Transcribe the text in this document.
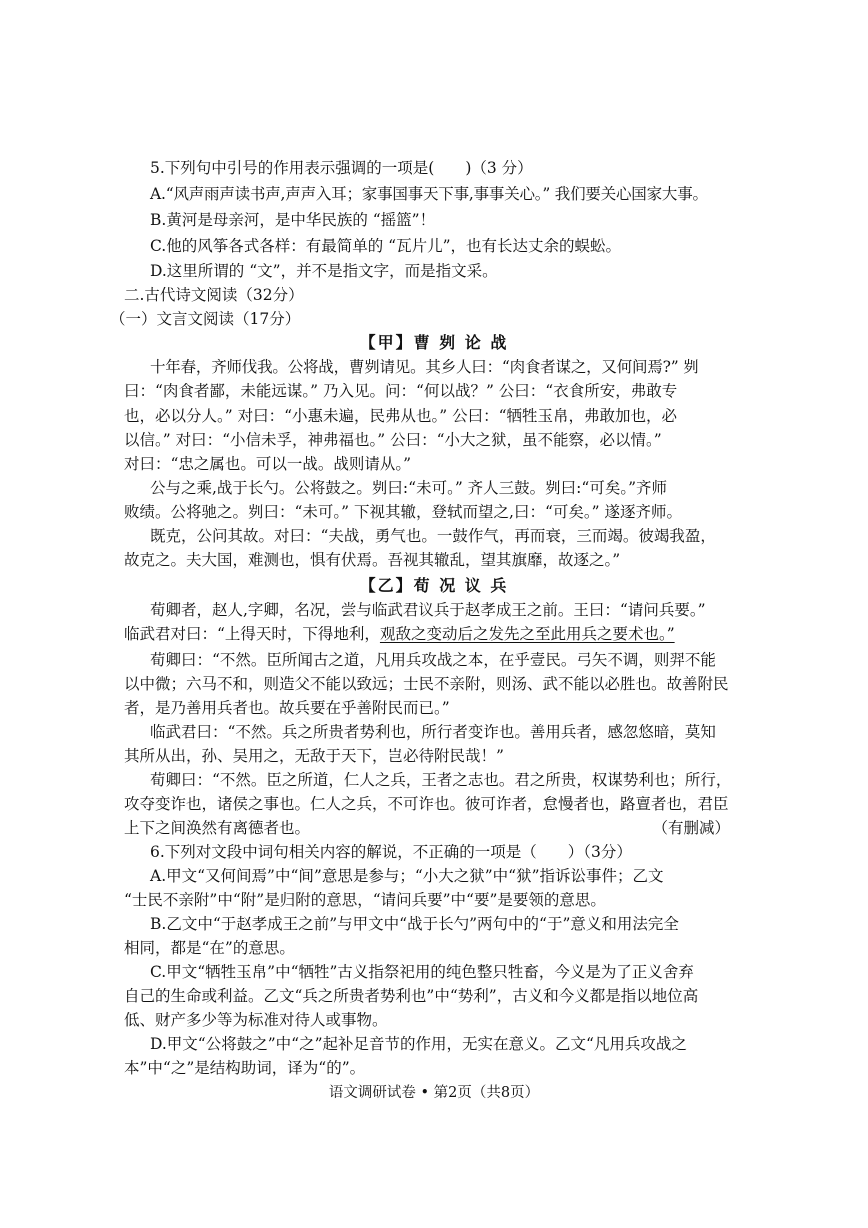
5.下列句中引号的作用表示强调的一项是(　　)（3 分）
A.“风声雨声读书声,声声入耳；家事国事天下事,事事关心。” 我们要关心国家大事。
B.黄河是母亲河，是中华民族的 “摇篮”！
C.他的风筝各式各样：有最简单的 “瓦片儿”，也有长达丈余的蜈蚣。
D.这里所谓的 “文”，并不是指文字，而是指文采。
二.古代诗文阅读（32分）
（一）文言文阅读（17分）
【甲】曹 刿 论 战
十年春，齐师伐我。公将战，曹刿请见。其乡人曰：“肉食者谋之，又何间焉?” 刿
曰：“肉食者鄙，未能远谋。” 乃入见。问：“何以战？” 公曰：“衣食所安，弗敢专
也，必以分人。” 对曰：“小惠未遍，民弗从也。” 公曰：“牺牲玉帛，弗敢加也，必
以信。” 对曰：“小信未孚，神弗福也。” 公曰：“小大之狱，虽不能察，必以情。”
对曰：“忠之属也。可以一战。战则请从。”
公与之乘,战于长勺。公将鼓之。刿曰:“未可。” 齐人三鼓。刿曰:“可矣。”齐师
败绩。公将驰之。刿曰：“未可。” 下视其辙，登轼而望之,曰：“可矣。” 遂逐齐师。
既克，公问其故。对曰：“夫战，勇气也。一鼓作气，再而衰，三而竭。彼竭我盈，
故克之。夫大国，难测也，惧有伏焉。吾视其辙乱，望其旗靡，故逐之。”
【乙】荀 况 议 兵
荀卿者，赵人,字卿，名况，尝与临武君议兵于赵孝成王之前。王曰：“请问兵要。”
临武君对曰：“上得天时，下得地利，观敌之变动后之发先之至此用兵之要术也。”
荀卿曰：“不然。臣所闻古之道，凡用兵攻战之本，在乎壹民。弓矢不调，则羿不能
以中微；六马不和，则造父不能以致远；士民不亲附，则汤、武不能以必胜也。故善附民
者，是乃善用兵者也。故兵要在乎善附民而已。”
临武君曰：“不然。兵之所贵者势利也，所行者变诈也。善用兵者，感忽悠暗，莫知
其所从出，孙、吴用之，无敌于天下，岂必待附民哉！”
荀卿曰：“不然。臣之所道，仁人之兵，王者之志也。君之所贵，权谋势利也；所行，
攻夺变诈也，诸侯之事也。仁人之兵，不可诈也。彼可诈者，怠慢者也，路亶者也，君臣
上下之间涣然有离德者也。	（有删减）
6.下列对文段中词句相关内容的解说，不正确的一项是（　　）（3分）
A.甲文“又何间焉”中“间”意思是参与；“小大之狱”中“狱”指诉讼事件；乙文
“士民不亲附”中“附”是归附的意思，“请问兵要”中“要”是要领的意思。
B.乙文中“于赵孝成王之前”与甲文中“战于长勺”两句中的“于”意义和用法完全
相同，都是“在”的意思。
C.甲文“牺牲玉帛”中“牺牲”古义指祭祀用的纯色整只牲畜，今义是为了正义舍弃
自己的生命或利益。乙文“兵之所贵者势利也”中“势利”，古义和今义都是指以地位高
低、财产多少等为标准对待人或事物。
D.甲文“公将鼓之”中“之”起补足音节的作用，无实在意义。乙文“凡用兵攻战之
本”中“之”是结构助词，译为“的”。
语文调研试卷 • 第2页（共8页）
